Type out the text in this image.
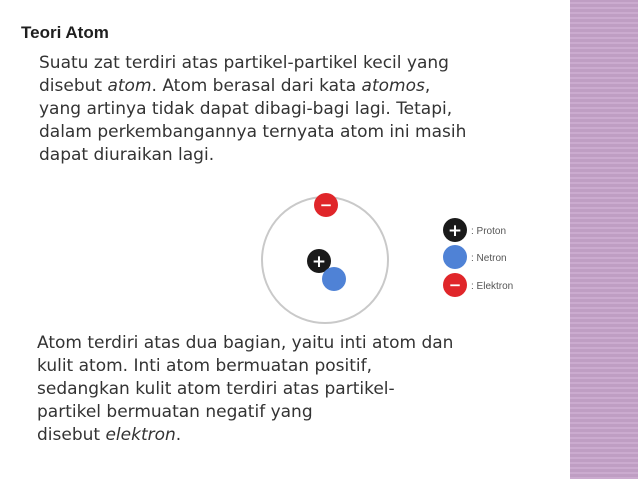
Teori Atom
Suatu zat terdiri atas partikel-partikel kecil yang
disebut atom. Atom berasal dari kata atomos,
yang artinya tidak dapat dibagi-bagi lagi. Tetapi,
dalam perkembangannya ternyata atom ini masih
dapat diuraikan lagi.
−
+
+ : Proton
: Netron
− : Elektron
Atom terdiri atas dua bagian, yaitu inti atom dan
kulit atom. Inti atom bermuatan positif,
sedangkan kulit atom terdiri atas partikel-
partikel bermuatan negatif yang
disebut elektron.
